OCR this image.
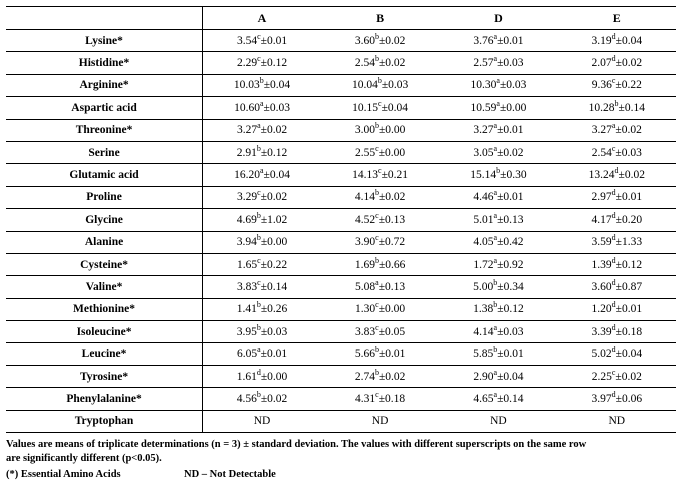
	A	B	D	E
Lysine*	3.54$^c$±0.01	3.60$^b$±0.02	3.76$^a$±0.01	3.19$^d$±0.04
Histidine*	2.29$^c$±0.12	2.54$^b$±0.02	2.57$^a$±0.03	2.07$^d$±0.02
Arginine*	10.03$^b$±0.04	10.04$^b$±0.03	10.30$^a$±0.03	9.36$^c$±0.22
Aspartic acid	10.60$^a$±0.03	10.15$^c$±0.04	10.59$^a$±0.00	10.28$^b$±0.14
Threonine*	3.27$^a$±0.02	3.00$^b$±0.00	3.27$^a$±0.01	3.27$^a$±0.02
Serine	2.91$^b$±0.12	2.55$^c$±0.00	3.05$^a$±0.02	2.54$^c$±0.03
Glutamic acid	16.20$^a$±0.04	14.13$^c$±0.21	15.14$^b$±0.30	13.24$^d$±0.02
Proline	3.29$^c$±0.02	4.14$^b$±0.02	4.46$^a$±0.01	2.97$^d$±0.01
Glycine	4.69$^b$±1.02	4.52$^c$±0.13	5.01$^a$±0.13	4.17$^d$±0.20
Alanine	3.94$^b$±0.00	3.90$^c$±0.72	4.05$^a$±0.42	3.59$^d$±1.33
Cysteine*	1.65$^c$±0.22	1.69$^b$±0.66	1.72$^a$±0.92	1.39$^d$±0.12
Valine*	3.83$^c$±0.14	5.08$^a$±0.13	5.00$^b$±0.34	3.60$^d$±0.87
Methionine*	1.41$^b$±0.26	1.30$^c$±0.00	1.38$^b$±0.12	1.20$^d$±0.01
Isoleucine*	3.95$^b$±0.03	3.83$^c$±0.05	4.14$^a$±0.03	3.39$^d$±0.18
Leucine*	6.05$^a$±0.01	5.66$^b$±0.01	5.85$^b$±0.01	5.02$^d$±0.04
Tyrosine*	1.61$^d$±0.00	2.74$^b$±0.02	2.90$^a$±0.04	2.25$^c$±0.02
Phenylalanine*	4.56$^b$±0.02	4.31$^c$±0.18	4.65$^a$±0.14	3.97$^d$±0.06
Tryptophan	ND	ND	ND	ND
Values are means of triplicate determinations (n = 3) ± standard deviation. The values with different superscripts on the same row
are significantly different (p<0.05).
(*) Essential Amino Acids	ND – Not Detectable
